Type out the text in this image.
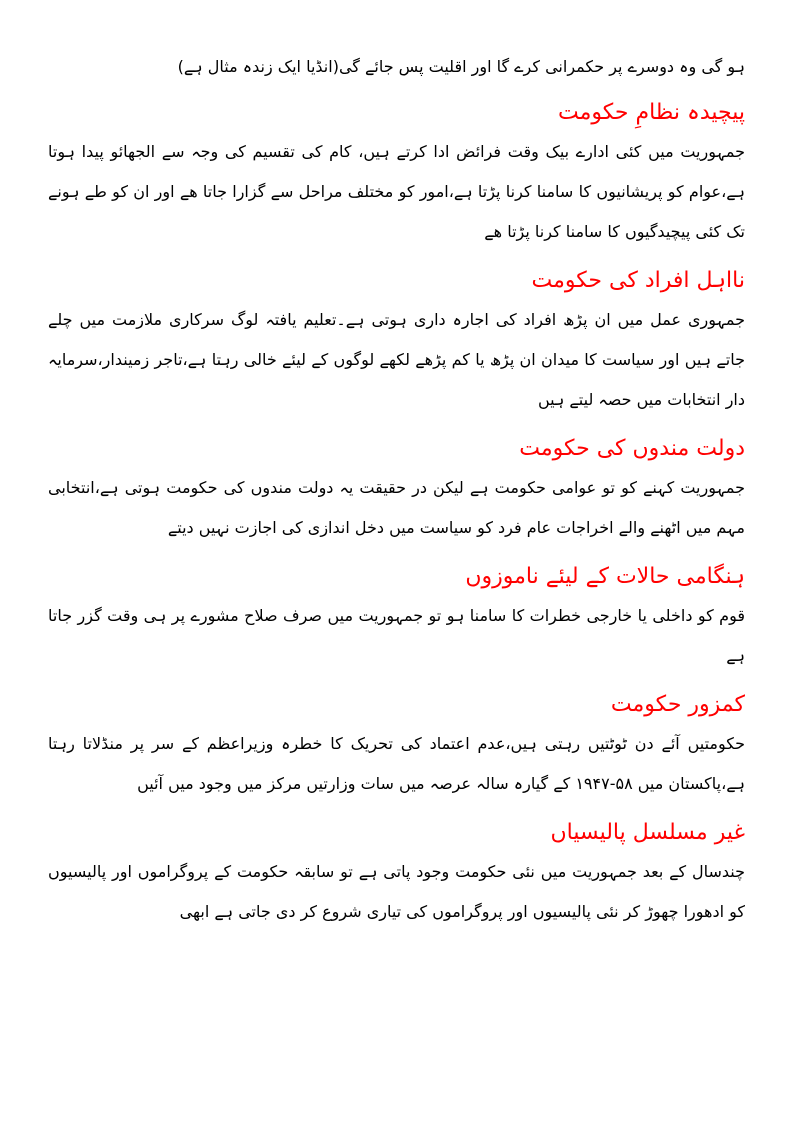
ہو گی وہ دوسرے پر حکمرانی کرے گا اور اقلیت پس جائے گی(انڈیا ایک زندہ مثال ہے)

پیچیدہ نظامِ حکومت

جمہوریت میں کئی ادارے بیک وقت فرائض ادا کرتے ہیں، کام کی تقسیم کی وجہ سے الجھائو پیدا ہوتا ہے،عوام کو پریشانیوں کا سامنا کرنا پڑتا ہے،امور کو مختلف مراحل سے گزارا جاتا ھے اور ان کو طے ہونے تک کئی پیچیدگیوں کا سامنا کرنا پڑتا ھے

نااہل افراد کی حکومت

جمہوری عمل میں ان پڑھ افراد کی اجارہ داری ہوتی ہے۔تعلیم یافتہ لوگ سرکاری ملازمت میں چلے جاتے ہیں اور سیاست کا میدان ان پڑھ یا کم پڑھے لکھے لوگوں کے لیئے خالی رہتا ہے،تاجر زمیندار،سرمایہ دار انتخابات میں حصہ لیتے ہیں

دولت مندوں کی حکومت

جمہوریت کہنے کو تو عوامی حکومت ہے لیکن در حقیقت یہ دولت مندوں کی حکومت ہوتی ہے،انتخابی مہم میں اٹھنے والے اخراجات عام فرد کو سیاست میں دخل اندازی کی اجازت نہیں دیتے

ہنگامی حالات کے لیئے ناموزوں

قوم کو داخلی یا خارجی خطرات کا سامنا ہو تو جمہوریت میں صرف صلاح مشورے پر ہی وقت گزر جاتا ہے

کمزور حکومت

حکومتیں آئے دن ٹوٹتیں رہتی ہیں،عدم اعتماد کی تحریک کا خطرہ وزیراعظم کے سر پر منڈلاتا رہتا ہے،پاکستان میں ۵۸-۱۹۴۷ کے گیارہ سالہ عرصہ میں سات وزارتیں مرکز میں وجود میں آئیں

غیر مسلسل پالیسیاں

چندسال کے بعد جمہوریت میں نئی حکومت وجود پاتی ہے تو سابقہ حکومت کے پروگراموں اور پالیسیوں کو ادھورا چھوڑ کر نئی پالیسیوں اور پروگراموں کی تیاری شروع کر دی جاتی ہے ابھی
